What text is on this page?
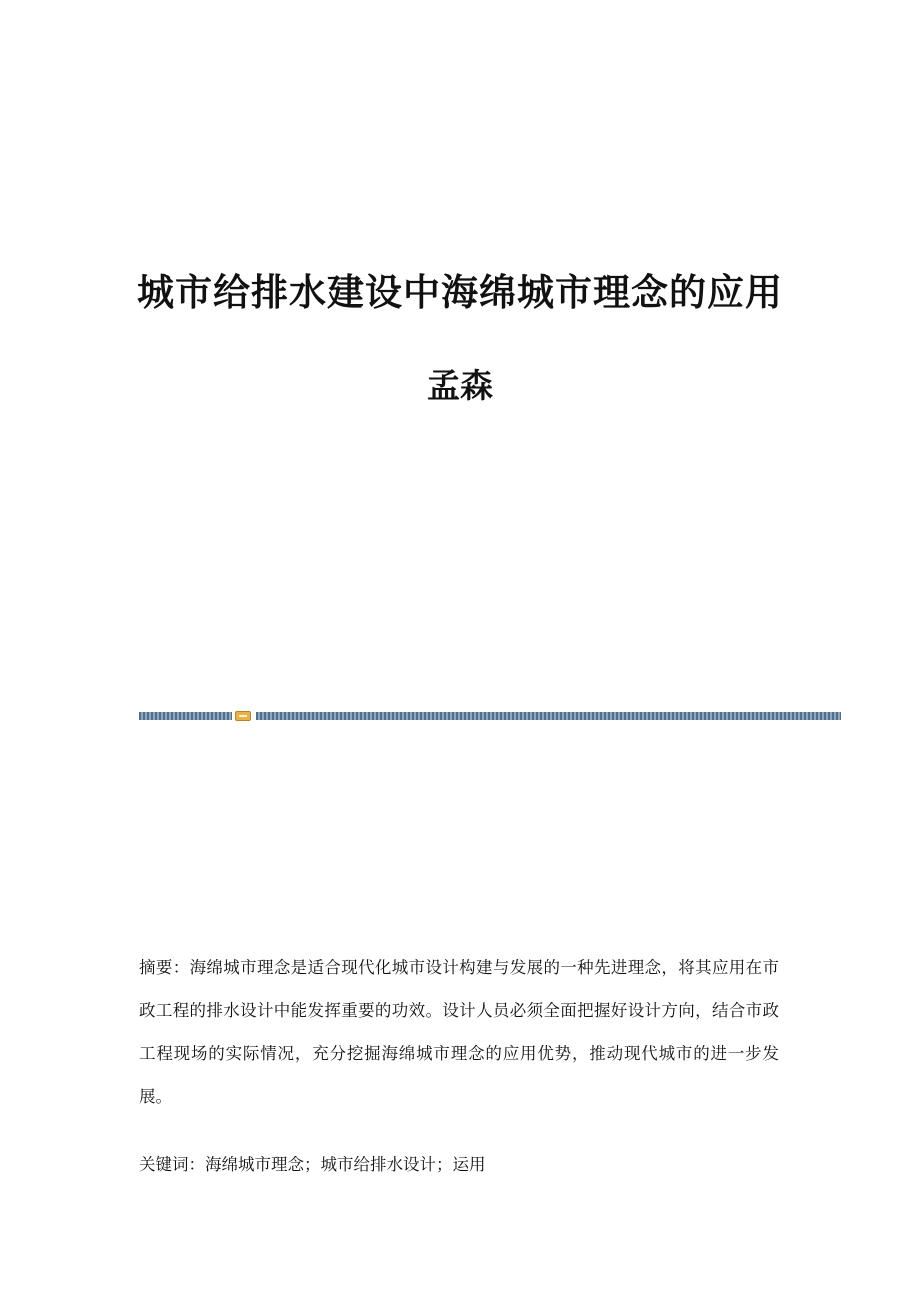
城市给排水建设中海绵城市理念的应用
孟森

摘要：海绵城市理念是适合现代化城市设计构建与发展的一种先进理念，将其应用在市政工程的排水设计中能发挥重要的功效。设计人员必须全面把握好设计方向，结合市政工程现场的实际情况，充分挖掘海绵城市理念的应用优势，推动现代城市的进一步发展。

关键词：海绵城市理念；城市给排水设计；运用
